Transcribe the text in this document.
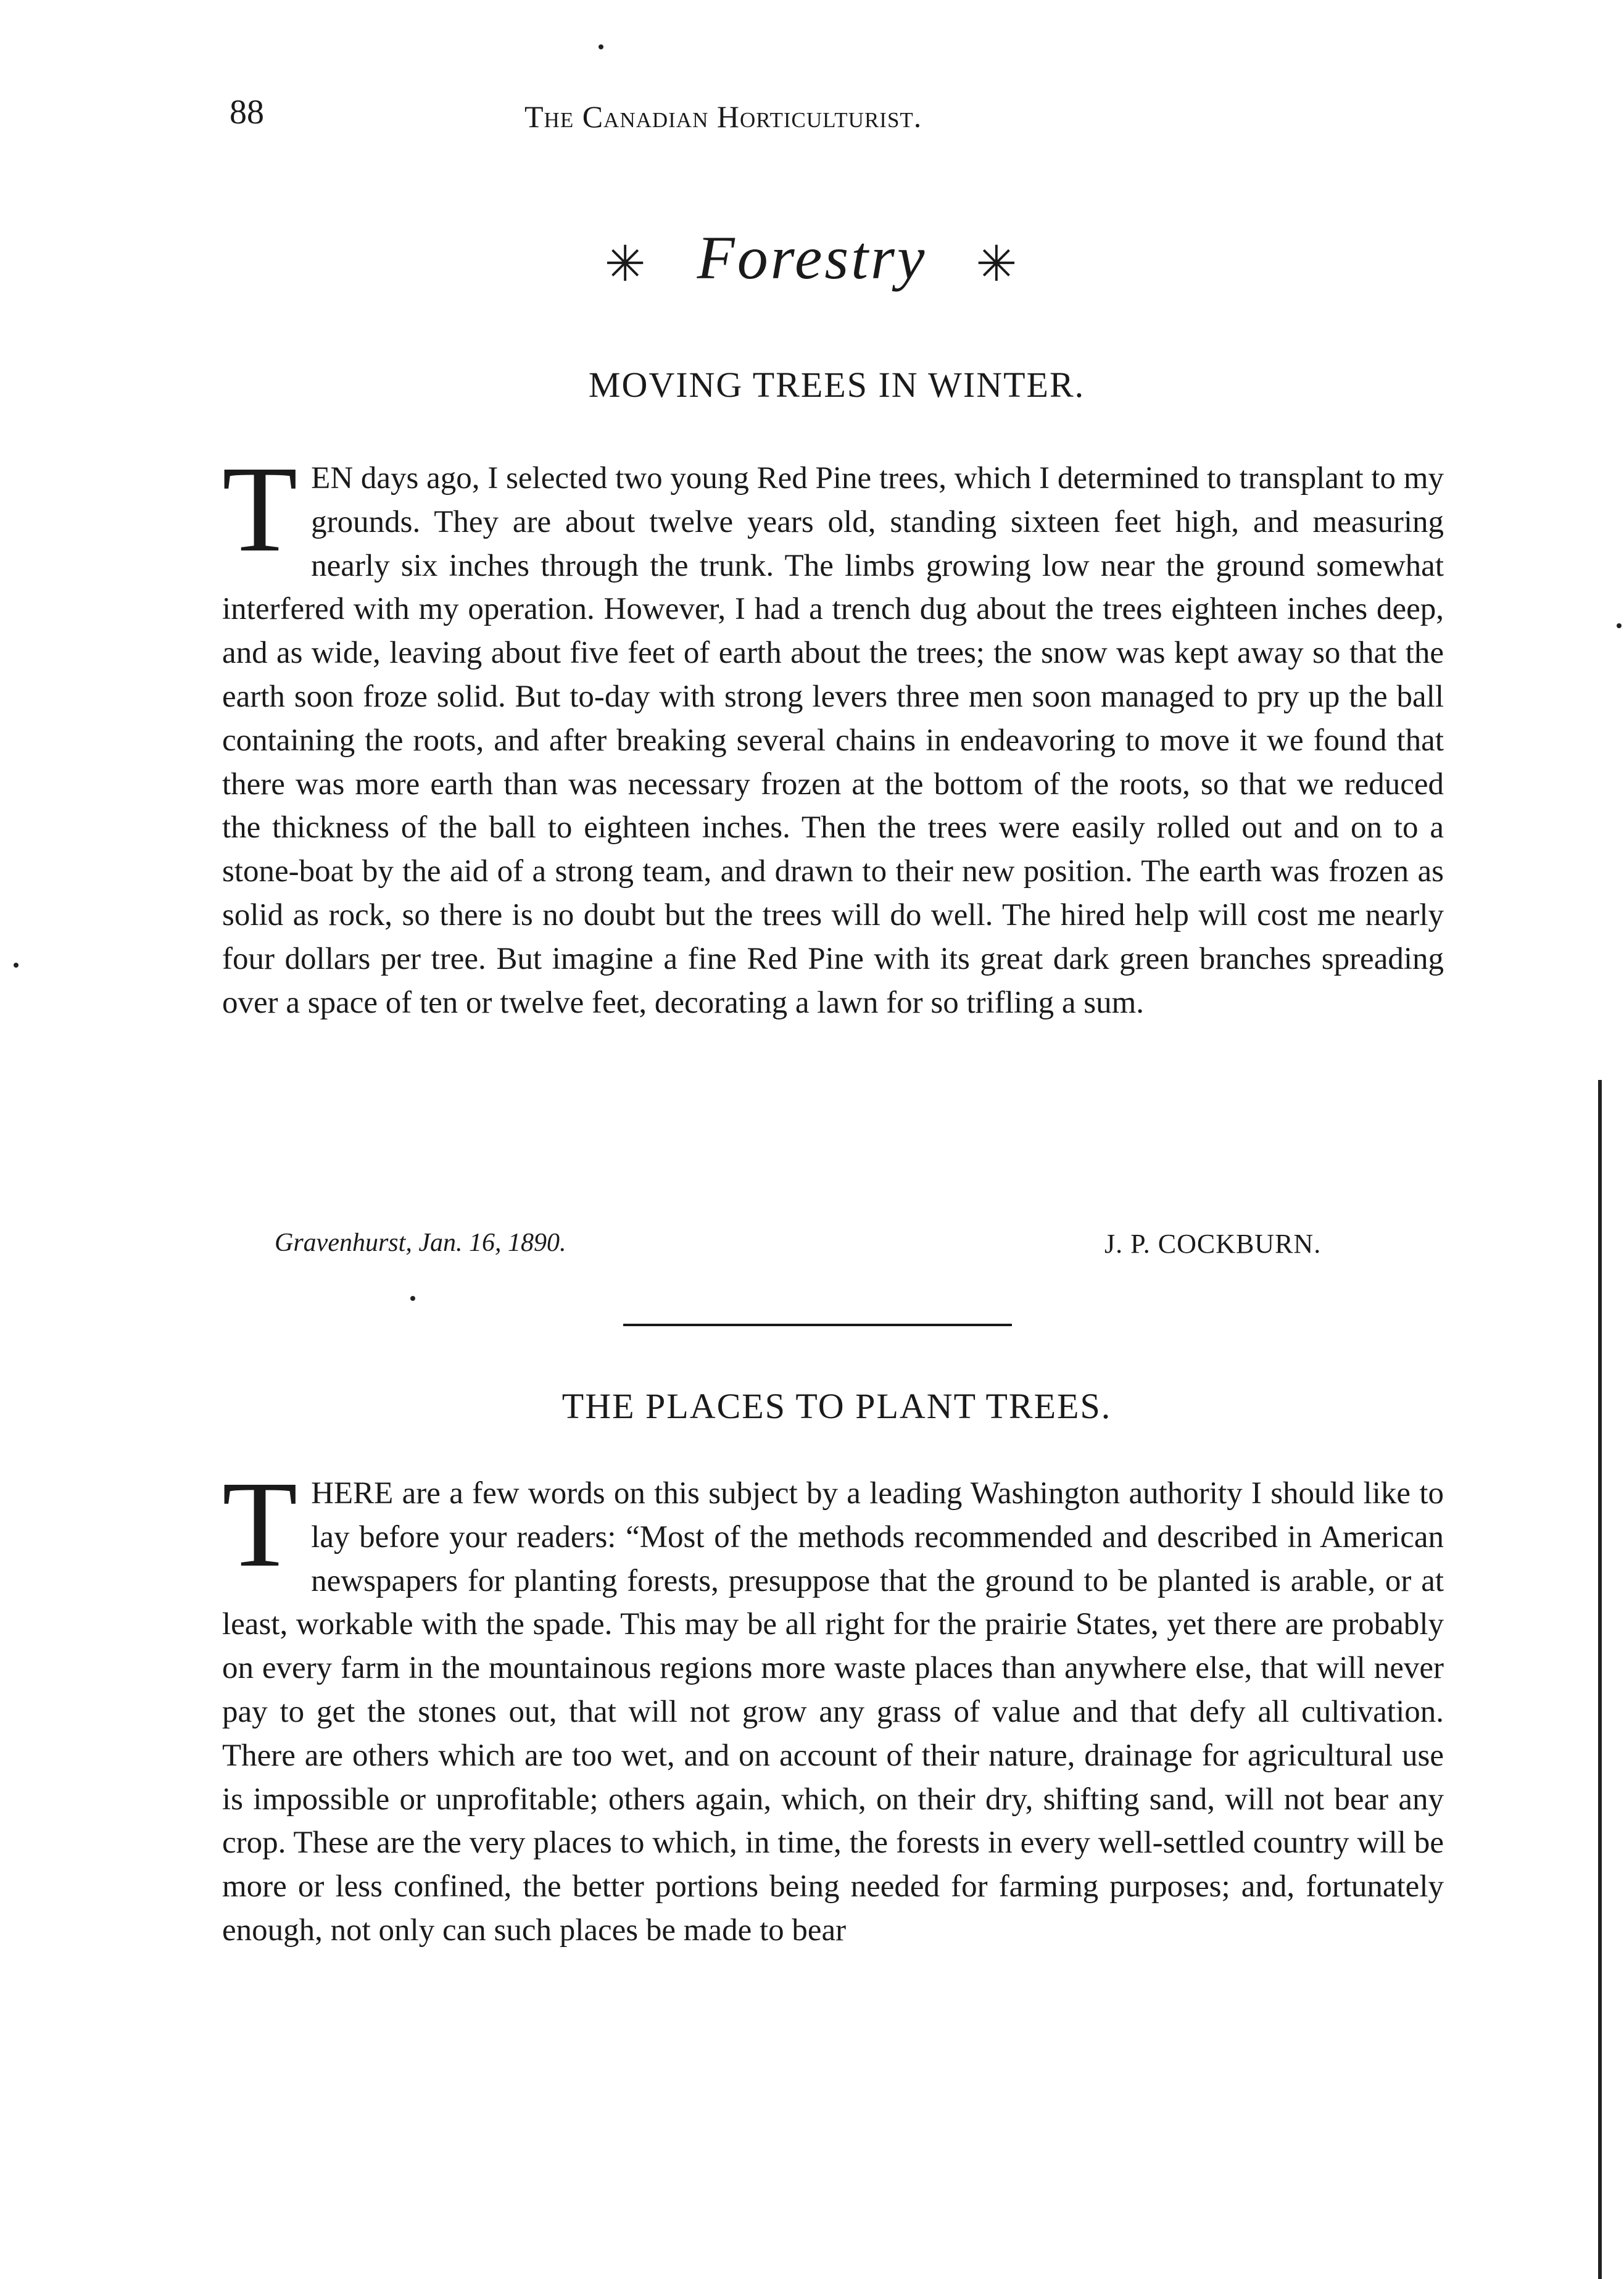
88	The Canadian Horticulturist.
✳ Forestry ✳
MOVING TREES IN WINTER.

TEN days ago, I selected two young Red Pine trees, which I determined to transplant to my grounds. They are about twelve years old, standing sixteen feet high, and measuring nearly six inches through the trunk. The limbs growing low near the ground somewhat interfered with my operation. However, I had a trench dug about the trees eighteen inches deep, and as wide, leaving about five feet of earth about the trees; the snow was kept away so that the earth soon froze solid. But to-day with strong levers three men soon managed to pry up the ball containing the roots, and after breaking several chains in endeavoring to move it we found that there was more earth than was necessary frozen at the bottom of the roots, so that we reduced the thickness of the ball to eighteen inches. Then the trees were easily rolled out and on to a stone-boat by the aid of a strong team, and drawn to their new position. The earth was frozen as solid as rock, so there is no doubt but the trees will do well. The hired help will cost me nearly four dollars per tree. But imagine a fine Red Pine with its great dark green branches spreading over a space of ten or twelve feet, decorating a lawn for so trifling a sum.

Gravenhurst, Jan. 16, 1890.	J. P. COCKBURN.
THE PLACES TO PLANT TREES.

THERE are a few words on this subject by a leading Washington authority I should like to lay before your readers: “Most of the methods recommended and described in American newspapers for planting forests, presuppose that the ground to be planted is arable, or at least, workable with the spade. This may be all right for the prairie States, yet there are probably on every farm in the mountainous regions more waste places than anywhere else, that will never pay to get the stones out, that will not grow any grass of value and that defy all cultivation. There are others which are too wet, and on account of their nature, drainage for agricultural use is impossible or unprofitable; others again, which, on their dry, shifting sand, will not bear any crop. These are the very places to which, in time, the forests in every well-settled country will be more or less confined, the better portions being needed for farming purposes; and, fortunately enough, not only can such places be made to bear
